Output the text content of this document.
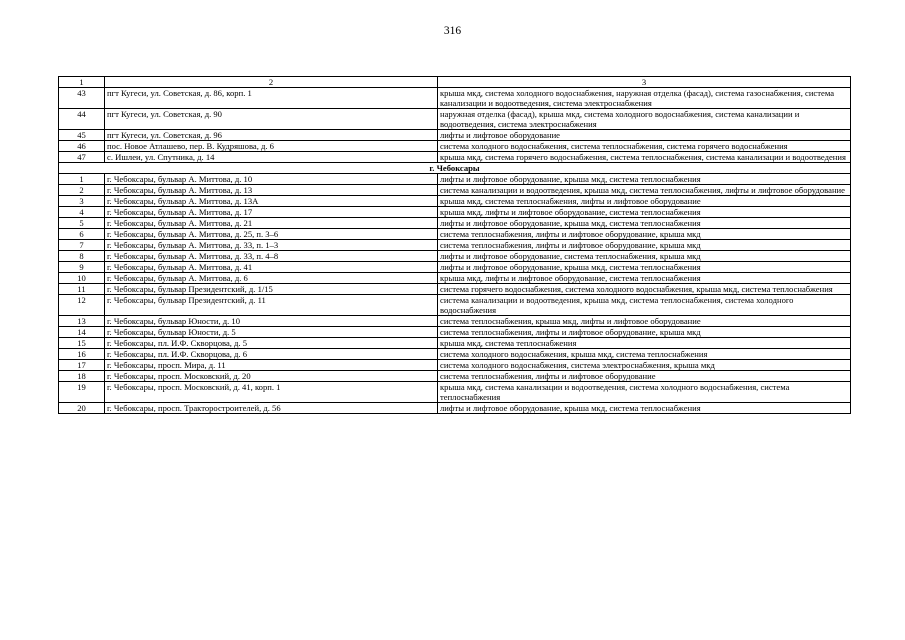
316
1	2	3
43	пгт Кугеси, ул. Советская, д. 86, корп. 1	крыша мкд, система холодного водоснабжения, наружная отделка (фасад), система газоснабжения, система канализации и водоотведения, система электроснабжения
44	пгт Кугеси, ул. Советская, д. 90	наружная отделка (фасад), крыша мкд, система холодного водоснабжения, система канализации и водоотведения, система электроснабжения
45	пгт Кугеси, ул. Советская, д. 96	лифты и лифтовое оборудование
46	пос. Новое Атлашево, пер. В. Кудряшова, д. 6	система холодного водоснабжения, система теплоснабжения, система горячего водоснабжения
47	с. Ишлеи, ул. Спутника, д. 14	крыша мкд, система горячего водоснабжения, система теплоснабжения, система канализации и водоотведения
г. Чебоксары		
1	г. Чебоксары, бульвар А. Миттова, д. 10	лифты и лифтовое оборудование, крыша мкд, система теплоснабжения
2	г. Чебоксары, бульвар А. Миттова, д. 13	система канализации и водоотведения, крыша мкд, система теплоснабжения, лифты и лифтовое оборудование
3	г. Чебоксары, бульвар А. Миттова, д. 13А	крыша мкд, система теплоснабжения, лифты и лифтовое оборудование
4	г. Чебоксары, бульвар А. Миттова, д. 17	крыша мкд, лифты и лифтовое оборудование, система теплоснабжения
5	г. Чебоксары, бульвар А. Миттова, д. 21	лифты и лифтовое оборудование, крыша мкд, система теплоснабжения
6	г. Чебоксары, бульвар А. Миттова, д. 25, п. 3–6	система теплоснабжения, лифты и лифтовое оборудование, крыша мкд
7	г. Чебоксары, бульвар А. Миттова, д. 33, п. 1–3	система теплоснабжения, лифты и лифтовое оборудование, крыша мкд
8	г. Чебоксары, бульвар А. Миттова, д. 33, п. 4–8	лифты и лифтовое оборудование, система теплоснабжения, крыша мкд
9	г. Чебоксары, бульвар А. Миттова, д. 41	лифты и лифтовое оборудование, крыша мкд, система теплоснабжения
10	г. Чебоксары, бульвар А. Миттова, д. 6	крыша мкд, лифты и лифтовое оборудование, система теплоснабжения
11	г. Чебоксары, бульвар Президентский, д. 1/15	система горячего водоснабжения, система холодного водоснабжения, крыша мкд, система теплоснабжения
12	г. Чебоксары, бульвар Президентский, д. 11	система канализации и водоотведения, крыша мкд, система теплоснабжения, система холодного водоснабжения
13	г. Чебоксары, бульвар Юности, д. 10	система теплоснабжения, крыша мкд, лифты и лифтовое оборудование
14	г. Чебоксары, бульвар Юности, д. 5	система теплоснабжения, лифты и лифтовое оборудование, крыша мкд
15	г. Чебоксары, пл. И.Ф. Скворцова, д. 5	крыша мкд, система теплоснабжения
16	г. Чебоксары, пл. И.Ф. Скворцова, д. 6	система холодного водоснабжения, крыша мкд, система теплоснабжения
17	г. Чебоксары, просп. Мира, д. 11	система холодного водоснабжения, система электроснабжения, крыша мкд
18	г. Чебоксары, просп. Московский, д. 20	система теплоснабжения, лифты и лифтовое оборудование
19	г. Чебоксары, просп. Московский, д. 41, корп. 1	крыша мкд, система канализации и водоотведения, система холодного водоснабжения, система теплоснабжения
20	г. Чебоксары, просп. Тракторостроителей, д. 56	лифты и лифтовое оборудование, крыша мкд, система теплоснабжения
